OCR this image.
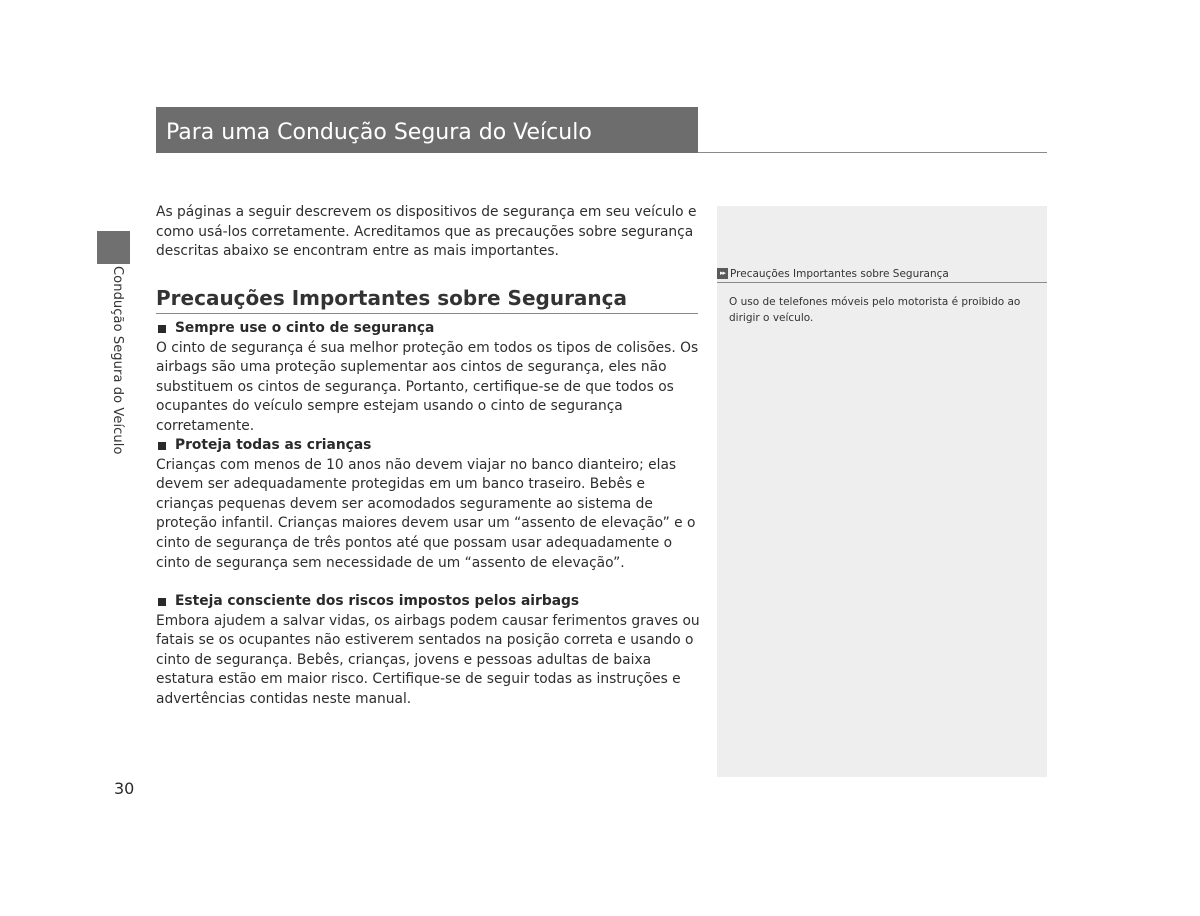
Para uma Condução Segura do Veículo
Condução Segura do Veículo

As páginas a seguir descrevem os dispositivos de segurança em seu veículo e como usá-los corretamente. Acreditamos que as precauções sobre segurança descritas abaixo se encontram entre as mais importantes.

Precauções Importantes sobre Segurança
Sempre use o cinto de segurança

O cinto de segurança é sua melhor proteção em todos os tipos de colisões. Os airbags são uma proteção suplementar aos cintos de segurança, eles não substituem os cintos de segurança. Portanto, certifique-se de que todos os ocupantes do veículo sempre estejam usando o cinto de segurança corretamente.

Proteja todas as crianças

Crianças com menos de 10 anos não devem viajar no banco dianteiro; elas devem ser adequadamente protegidas em um banco traseiro. Bebês e crianças pequenas devem ser acomodados seguramente ao sistema de proteção infantil. Crianças maiores devem usar um “assento de elevação” e o cinto de segurança de três pontos até que possam usar adequadamente o cinto de segurança sem necessidade de um “assento de elevação”.

Esteja consciente dos riscos impostos pelos airbags

Embora ajudem a salvar vidas, os airbags podem causar ferimentos graves ou fatais se os ocupantes não estiverem sentados na posição correta e usando o cinto de segurança. Bebês, crianças, jovens e pessoas adultas de baixa estatura estão em maior risco. Certifique-se de seguir todas as instruções e advertências contidas neste manual.

▸▸ Precauções Importantes sobre Segurança
O uso de telefones móveis pelo motorista é proibido ao dirigir o veículo.
30
